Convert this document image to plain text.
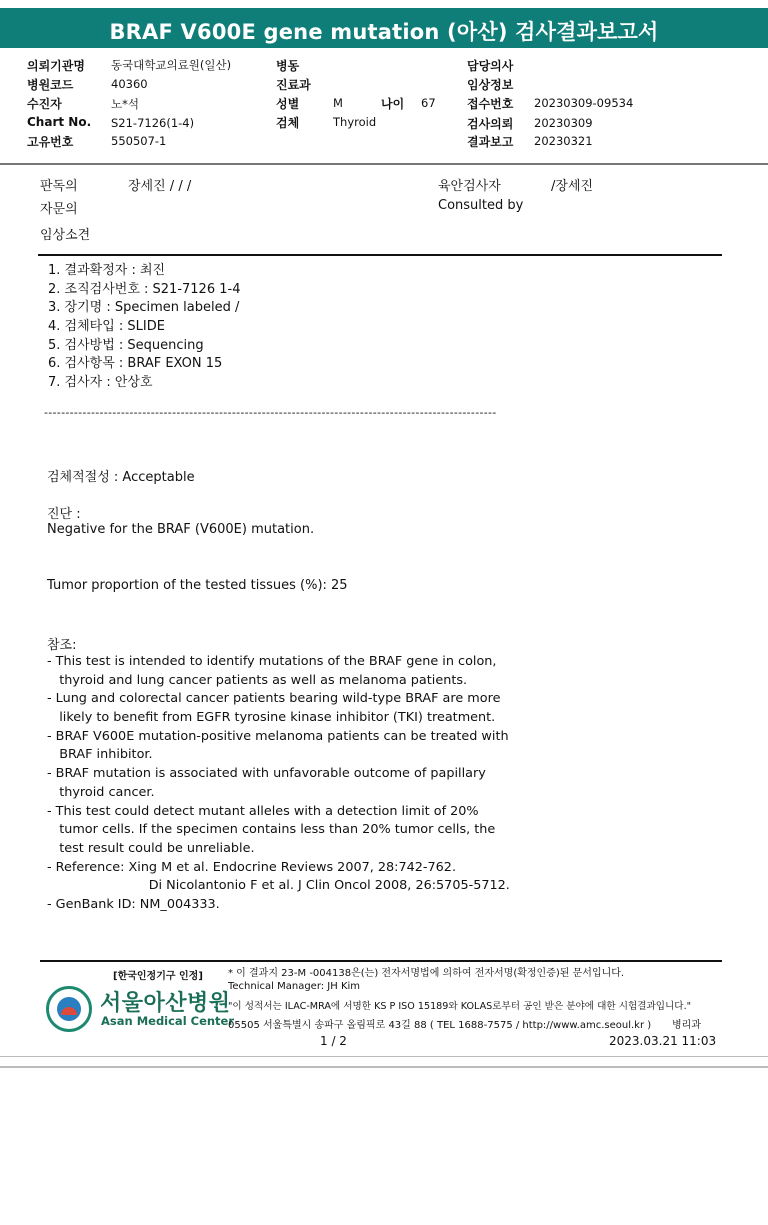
BRAF V600E gene mutation (아산) 검사결과보고서
의뢰기관명 동국대학교의료원(일산)
병원코드	40360
수진자	노*석
Chart No. S21-7126(1-4)
고유번호	550507-1
병동
진료과
성별	M	나이 67
검체	Thyroid
담당의사
임상정보
접수번호 20230309-09534
검사의뢰 20230309
결과보고 20230321
판독의	장세진 / / /	육안검사자	/장세진
자문의	Consulted by
임상소견
1. 결과확정자 : 최진
2. 조직검사번호 : S21-7126 1-4
3. 장기명 : Specimen labeled /
4. 검체타입 : SLIDE
5. 검사방법 : Sequencing
6. 검사항목 : BRAF EXON 15
7. 검사자 : 안상호
----------------------------------------------------------------------------------------------------------
검체적절성 : Acceptable
진단 :
Negative for the BRAF (V600E) mutation.
Tumor proportion of the tested tissues (%): 25
참조:
- This test is intended to identify mutations of the BRAF gene in colon,
thyroid and lung cancer patients as well as melanoma patients.
- Lung and colorectal cancer patients bearing wild-type BRAF are more
likely to benefit from EGFR tyrosine kinase inhibitor (TKI) treatment.
- BRAF V600E mutation-positive melanoma patients can be treated with
BRAF inhibitor.
- BRAF mutation is associated with unfavorable outcome of papillary
thyroid cancer.
- This test could detect mutant alleles with a detection limit of 20%
tumor cells. If the specimen contains less than 20% tumor cells, the
test result could be unreliable.
- Reference: Xing M et al. Endocrine Reviews 2007, 28:742-762.
Di Nicolantonio F et al. J Clin Oncol 2008, 26:5705-5712.
- GenBank ID: NM_004333.
[한국인정기구 인정]
서울아산병원
Asan Medical Center
* 이 결과지 23-M -004138은(는) 전자서명법에 의하여 전자서명(확정인증)된 문서입니다.
Technical Manager: JH Kim
"이 성적서는 ILAC-MRA에 서명한 KS P ISO 15189와 KOLAS로부터 공인 받은 분야에 대한 시험결과입니다."
05505 서울특별시 송파구 올림픽로 43길 88 ( TEL 1688-7575 / http://www.amc.seoul.kr ) 병리과
1 / 2	2023.03.21 11:03
